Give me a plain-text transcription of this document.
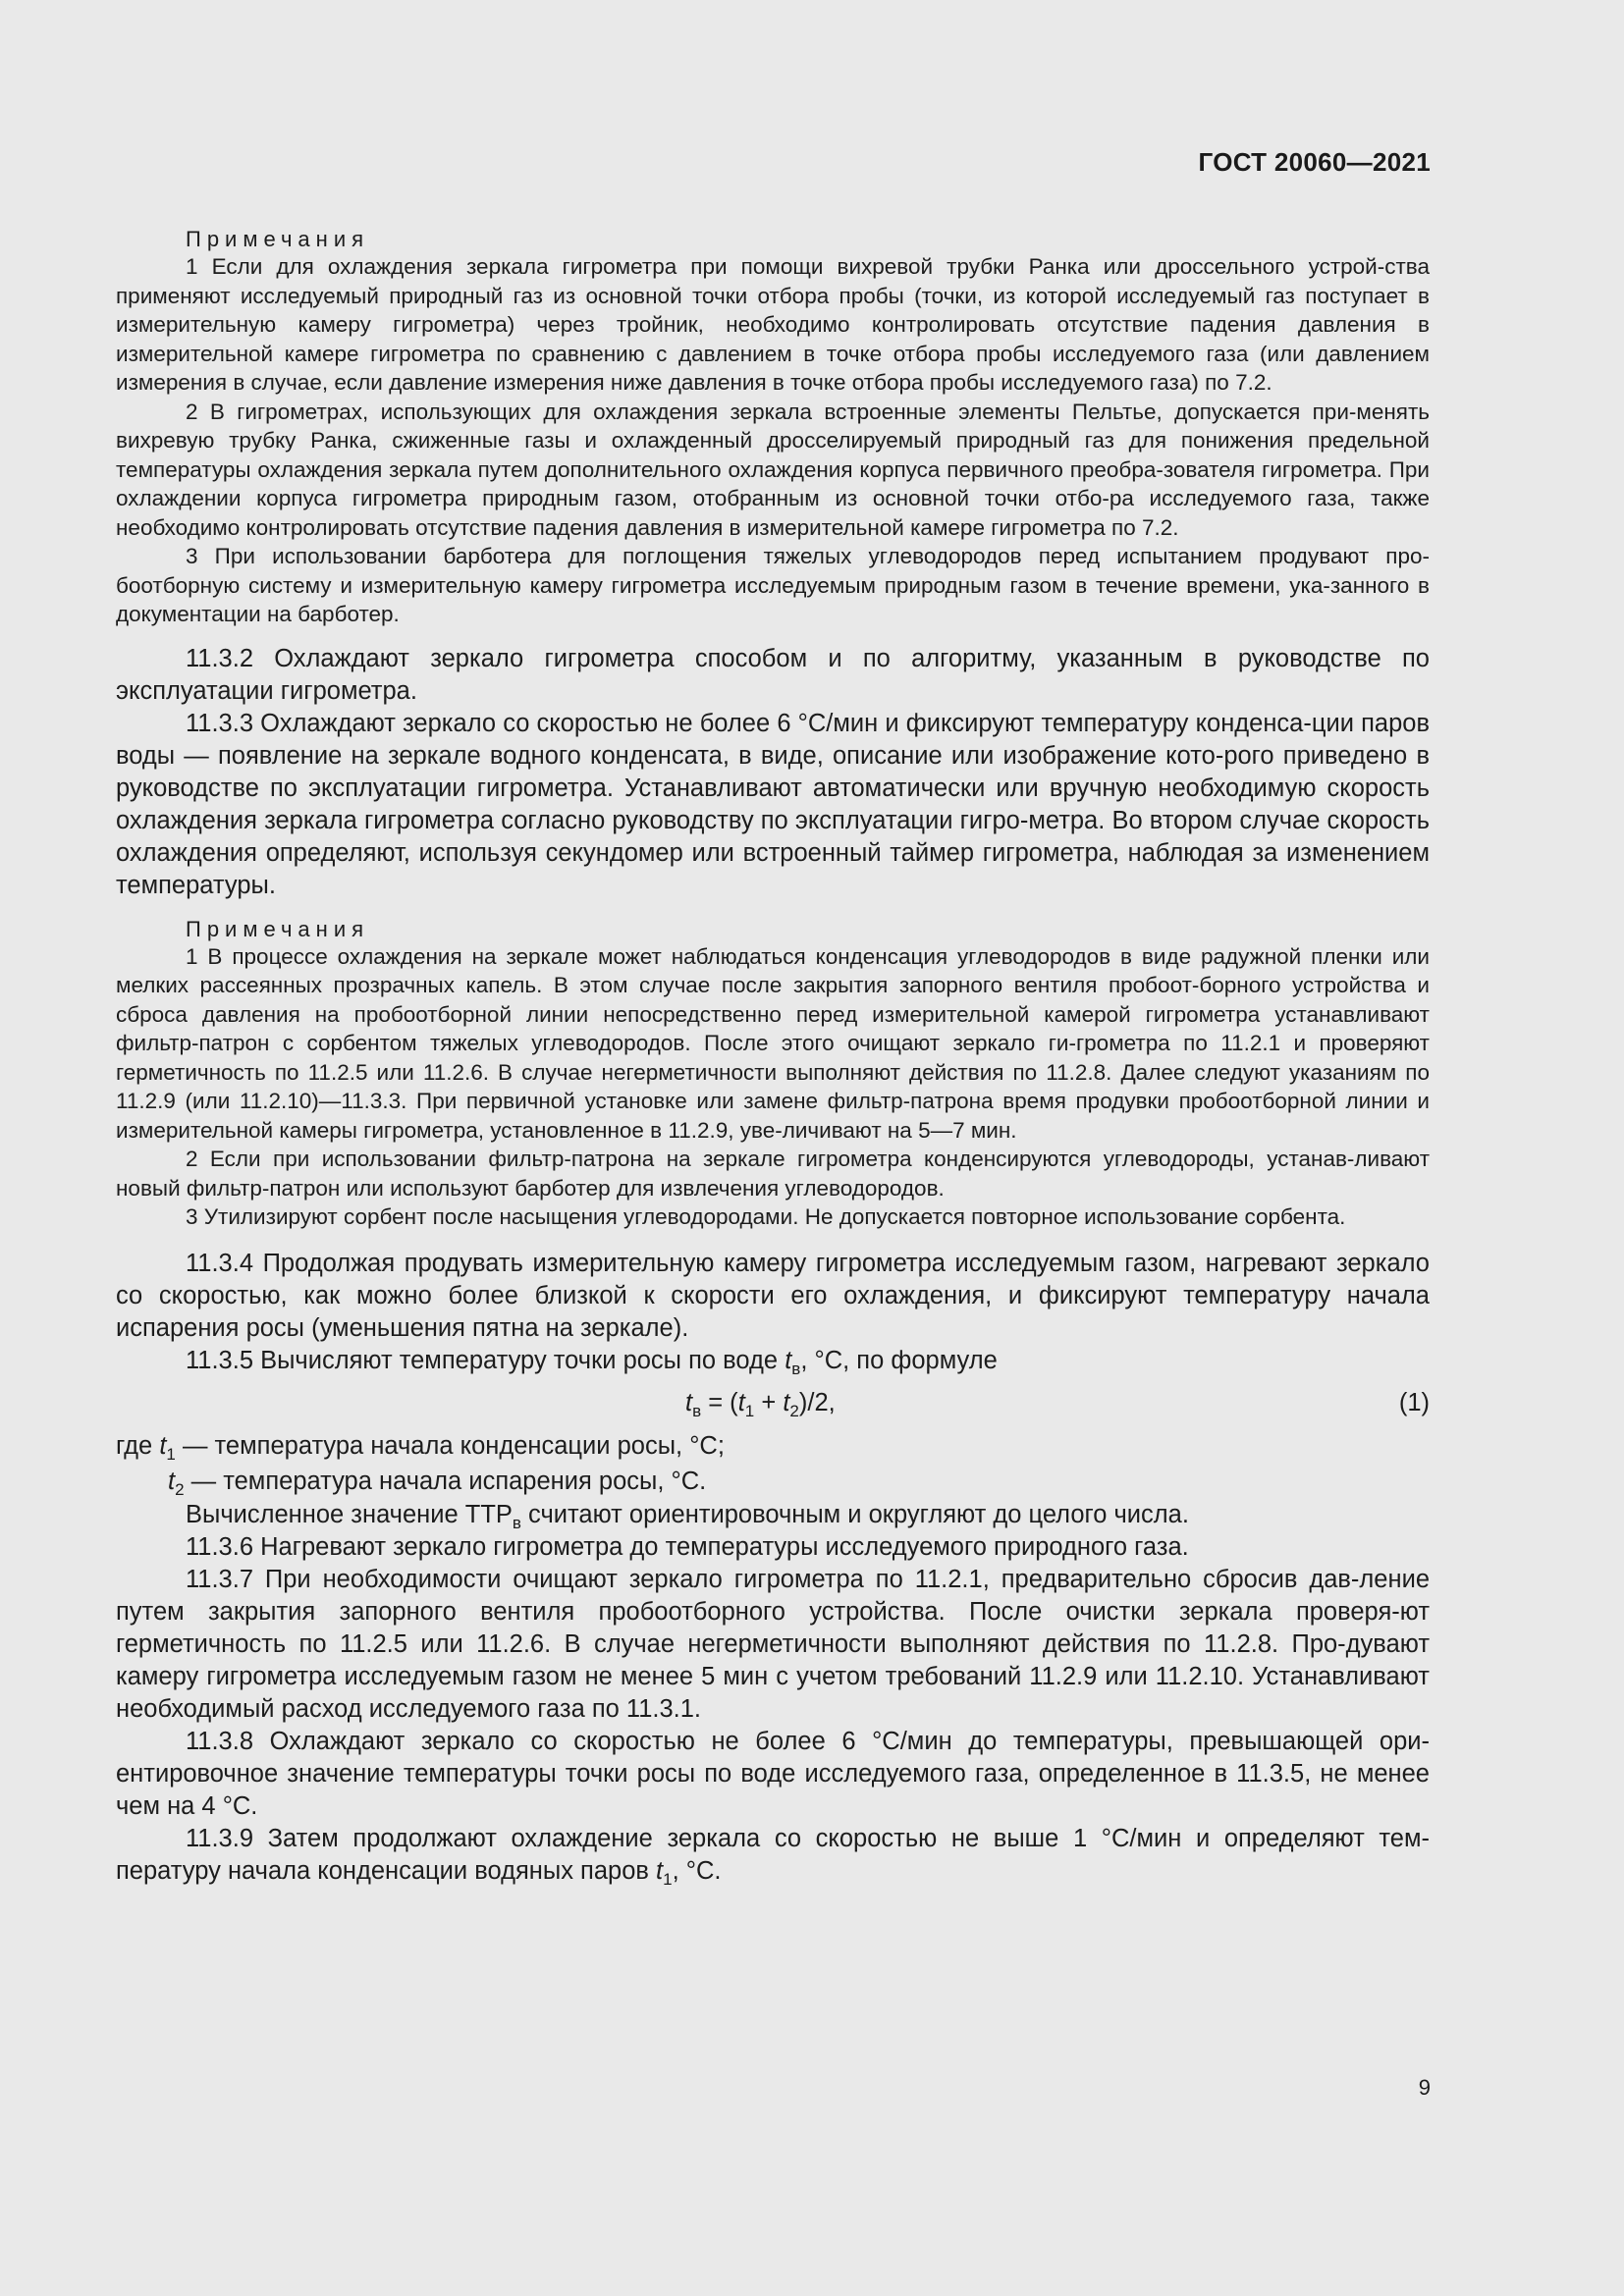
ГОСТ 20060—2021

Примечания

1 Если для охлаждения зеркала гигрометра при помощи вихревой трубки Ранка или дроссельного устрой-ства применяют исследуемый природный газ из основной точки отбора пробы (точки, из которой исследуемый газ поступает в измерительную камеру гигрометра) через тройник, необходимо контролировать отсутствие падения давления в измерительной камере гигрометра по сравнению с давлением в точке отбора пробы исследуемого газа (или давлением измерения в случае, если давление измерения ниже давления в точке отбора пробы исследуемого газа) по 7.2.

2 В гигрометрах, использующих для охлаждения зеркала встроенные элементы Пельтье, допускается при-менять вихревую трубку Ранка, сжиженные газы и охлажденный дросселируемый природный газ для понижения предельной температуры охлаждения зеркала путем дополнительного охлаждения корпуса первичного преобра-зователя гигрометра. При охлаждении корпуса гигрометра природным газом, отобранным из основной точки отбо-ра исследуемого газа, также необходимо контролировать отсутствие падения давления в измерительной камере гигрометра по 7.2.

3 При использовании барботера для поглощения тяжелых углеводородов перед испытанием продувают про-боотборную систему и измерительную камеру гигрометра исследуемым природным газом в течение времени, ука-занного в документации на барботер.

11.3.2 Охлаждают зеркало гигрометра способом и по алгоритму, указанным в руководстве по эксплуатации гигрометра.

11.3.3 Охлаждают зеркало со скоростью не более 6 °С/мин и фиксируют температуру конденса-ции паров воды — появление на зеркале водного конденсата, в виде, описание или изображение кото-рого приведено в руководстве по эксплуатации гигрометра. Устанавливают автоматически или вручную необходимую скорость охлаждения зеркала гигрометра согласно руководству по эксплуатации гигро-метра. Во втором случае скорость охлаждения определяют, используя секундомер или встроенный таймер гигрометра, наблюдая за изменением температуры.

Примечания

1 В процессе охлаждения на зеркале может наблюдаться конденсация углеводородов в виде радужной пленки или мелких рассеянных прозрачных капель. В этом случае после закрытия запорного вентиля пробоот-борного устройства и сброса давления на пробоотборной линии непосредственно перед измерительной камерой гигрометра устанавливают фильтр-патрон с сорбентом тяжелых углеводородов. После этого очищают зеркало ги-грометра по 11.2.1 и проверяют герметичность по 11.2.5 или 11.2.6. В случае негерметичности выполняют действия по 11.2.8. Далее следуют указаниям по 11.2.9 (или 11.2.10)—11.3.3. При первичной установке или замене фильтр-патрона время продувки пробоотборной линии и измерительной камеры гигрометра, установленное в 11.2.9, уве-личивают на 5—7 мин.

2 Если при использовании фильтр-патрона на зеркале гигрометра конденсируются углеводороды, устанав-ливают новый фильтр-патрон или используют барботер для извлечения углеводородов.

3 Утилизируют сорбент после насыщения углеводородами. Не допускается повторное использование сорбента.

11.3.4 Продолжая продувать измерительную камеру гигрометра исследуемым газом, нагревают зеркало со скоростью, как можно более близкой к скорости его охлаждения, и фиксируют температуру начала испарения росы (уменьшения пятна на зеркале).

11.3.5 Вычисляют температуру точки росы по воде $t_в$, °С, по формуле

$t_в = (t_1 + t_2)/2$,	(1)

где $t_1$ — температура начала конденсации росы, °С;

$t_2$ — температура начала испарения росы, °С.

Вычисленное значение $ТТР_в$ считают ориентировочным и округляют до целого числа.

11.3.6 Нагревают зеркало гигрометра до температуры исследуемого природного газа.

11.3.7 При необходимости очищают зеркало гигрометра по 11.2.1, предварительно сбросив дав-ление путем закрытия запорного вентиля пробоотборного устройства. После очистки зеркала проверя-ют герметичность по 11.2.5 или 11.2.6. В случае негерметичности выполняют действия по 11.2.8. Про-дувают камеру гигрометра исследуемым газом не менее 5 мин с учетом требований 11.2.9 или 11.2.10. Устанавливают необходимый расход исследуемого газа по 11.3.1.

11.3.8 Охлаждают зеркало со скоростью не более 6 °С/мин до температуры, превышающей ори-ентировочное значение температуры точки росы по воде исследуемого газа, определенное в 11.3.5, не менее чем на 4 °С.

11.3.9 Затем продолжают охлаждение зеркала со скоростью не выше 1 °С/мин и определяют тем-пературу начала конденсации водяных паров $t_1$, °С.

9
